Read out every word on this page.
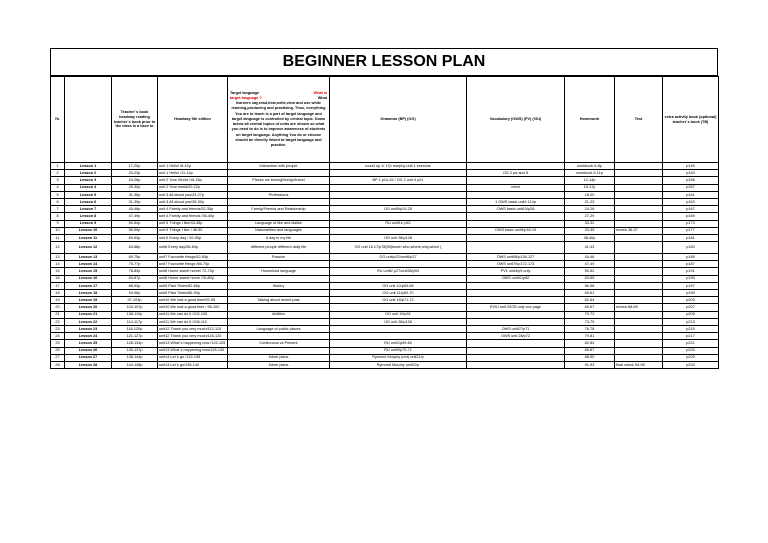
BEGINNER LESSON PLAN
№		Teacher`s book headway reading teacher`s book prior to the class is a have to	Headway 5th edition	Target language What is
target language ? What
learners say,read,hear,write,view and use while learning,producing and practising. Thus, everything You are to teach is a part of target language and target language is controlled by central topic. Down below all central topics of units are shown so what you need to do is to improve awareness of students on target language. Anything You do or choose should be directly linked to target language and practise.	Grammar (BP) (OG)	Vocabulary (OWS) (PV) (VIU)	Homework	Test	extra activity book (optional) teacher`s book (TB)
1	Lesson 1	17-20p	unit 1 Hello! /8-10p	Interaction with people	round up 1/ 17p murphy unit 1 exercise		workbook 6-8p		p149
2	Lesson 2	20-23p	unit 1 Hello! /11-14p			OG 2 pa and 8	workbook 9-11p		p153
3	Lesson 3	24-28p	unit 2 Your World /16-18p	Places we belong/live/go/travel	BP 1 p14-15 / OG 2 unit 4 p21		12-14p		p156
4	Lesson 4	29-30p	unit 2 Your world/20-22p			need	15-17p		p157
5	Lesson 5	31-36p	unit 3 All about you/24-27p	Professions			18-20		p161
6	Lesson 6	31-39p	unit 3 All about you/28-30p			1 OWS basic unit4 114p	21-23		p163
7	Lesson 7	40-46p	unit 4 Family and friends/32-35p	Family/Friends and Relationship	OG unit5/p24,25	OWS basic unit10/p28	24-26		p167
8	Lesson 8	47-49p	unit 4 Family and friends /36-40p				27-29		p169
9	Lesson 9	50-54p	unit 5 Things I like/43-45p	Language of like and dislike	RU unit51/ p52		30-32		p173
10	Lesson 10	56-59p	unit 5 Things I like / 46-50	Nationalities and languages		OWS basic unit9/p18-19	33-35	review 36-37	p177
11	Lesson 11	60-63p	unit 6 Every day / 52-55p	A day in my life	OG unit 28/p128		38-40p		p181
12	Lesson 12	64-68p	unit6 Every day/56-60p	different people different daily life	OG unit 16,17/p78(90)teach who,where,why,which (		41-43		p183
13	Lesson 13	69-75p	unit7 Favourite things/62-65p	Possion	OG unit/p22/unit6/p27	OWS unit08/p126-127	44-46		p185
14	Lesson 14	75-77p	unit7 Favourite things /66-70p			OWS unit70/p172-173	47-49		p187
15	Lesson 15	78-83p	unit8 Home sweet home/ 72-75p	Household language	RU unit6/ p27/unit38/p94	PV1 unit4/p9 only	50-52		p191
16	Lesson 16	84-87p	unit8 Home sweet home /76-80p			OWS unit31/p82	53-55		p195
17	Lesson 17	88-93p	unit9 Past Times/82-85p	History	OG unit 10/p63-66		56-58		p197
18	Lesson 18	94-96p	unit9 Past Times/86-90p		OG unit 11/p69-70		59-61		p199
19	Lesson 19	97-103p	unit10 We had a good time/92-95	Talking about recent past	OG unit 15/p71-72		62-64		p203
20	Lesson 20	104-107p	unit10 We had a good time / 96-100			EVIU unit 20/25 only voc page	65-67	review 68-69	p207
21	Lesson 21	108-110p	unit11 We can do it /102-105	Abilities	OG unit 19/p91		70-72		p209
22	Lesson 22	114-117p	unit11 We can do it /106-110		OG unit 28/p126		73-75		p213
23	Lesson 23	118-120p	unit12 Thank you very much/112-115	Language of public places		OWS unit27/p71	76-78		p215
24	Lesson 24	121-127p	unit12 Thank you very much/116-120			OWS unit 28/p72	79-81		p217
25	Lesson 25	128-134p	unit13 What`s happening now /122-125	Continuous vs Present	RU unit1/p59-60		82-84		p221
26	Lesson 26	135-137p	unit13 What`s happening now/126-130		RU unit3/p70-71		85-87		p225
27	Lesson 27	138-144p	unit14 Let`s go /132-135	future plans	Rymond Murphy (red) unit21/p		88-90		p229
28	Lesson 28	144-148p	unit14 Let`s go/136-140	future plans	Rymond Murphy unit22/p		91-93	final check 94-95	p233
